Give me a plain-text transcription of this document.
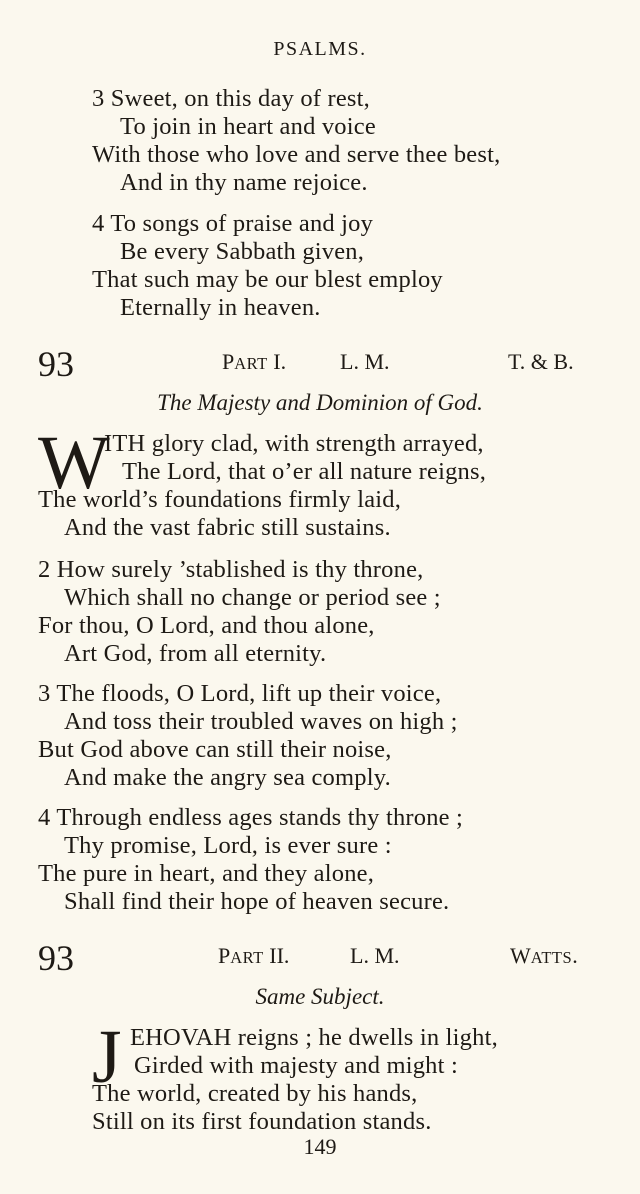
PSALMS.
3 Sweet, on this day of rest,
To join in heart and voice
With those who love and serve thee best,
And in thy name rejoice.
4 To songs of praise and joy
Be every Sabbath given,
That such may be our blest employ
Eternally in heaven.
93	PART I. L. M.	T. & B.
The Majesty and Dominion of God.
W
ITH glory clad, with strength arrayed,
The Lord, that o’er all nature reigns,
The world’s foundations firmly laid,
And the vast fabric still sustains.
2 How surely ’stablished is thy throne,
Which shall no change or period see ;
For thou, O Lord, and thou alone,
Art God, from all eternity.
3 The floods, O Lord, lift up their voice,
And toss their troubled waves on high ;
But God above can still their noise,
And make the angry sea comply.
4 Through endless ages stands thy throne ;
Thy promise, Lord, is ever sure :
The pure in heart, and they alone,
Shall find their hope of heaven secure.
93	PART II.	L. M.	WATTS.
Same Subject.
J EHOVAH reigns ; he dwells in light,
Girded with majesty and might :
The world, created by his hands,
Still on its first foundation stands.
149
